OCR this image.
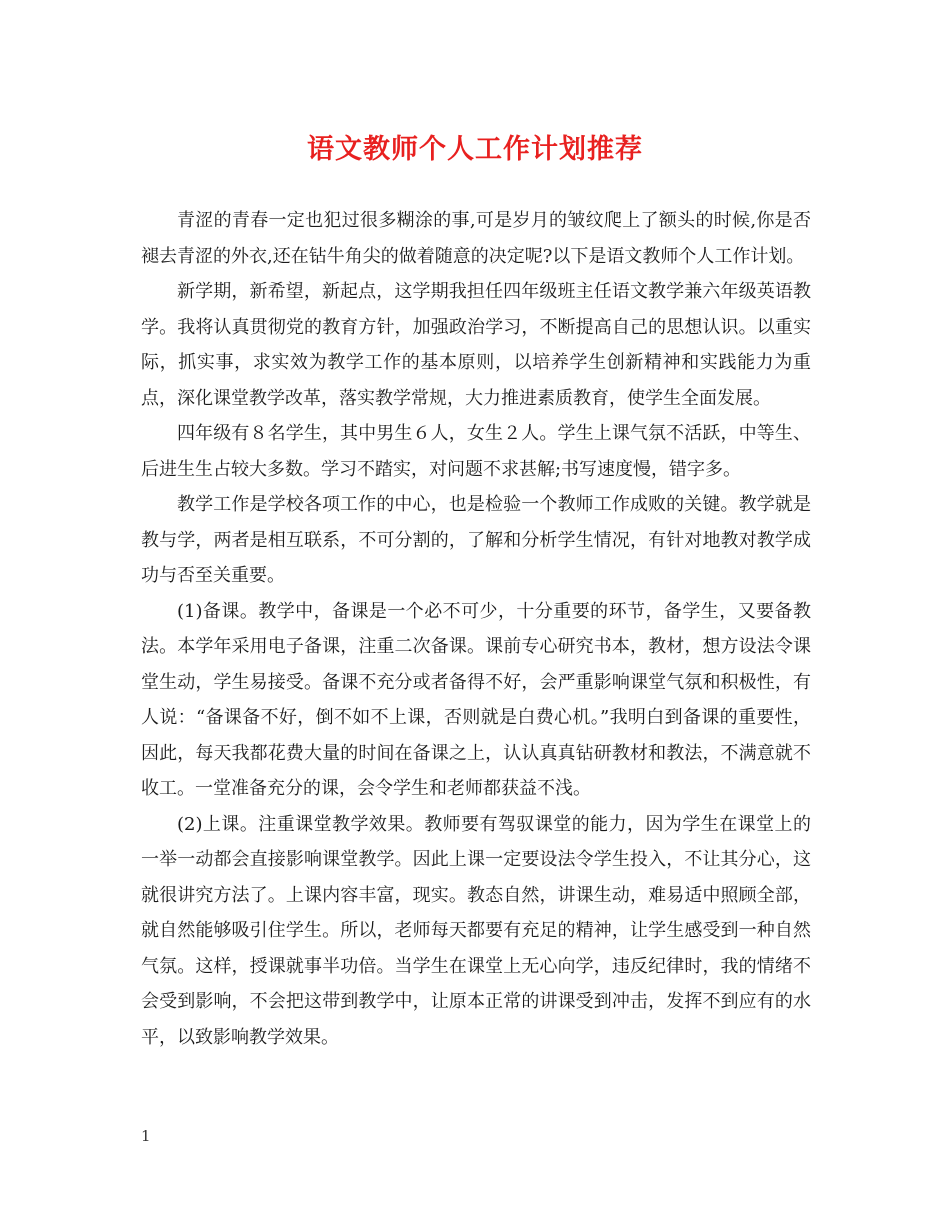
语文教师个人工作计划推荐

青涩的青春一定也犯过很多糊涂的事,可是岁月的皱纹爬上了额头的时候,你是否褪去青涩的外衣,还在钻牛角尖的做着随意的决定呢?以下是语文教师个人工作计划。

新学期，新希望，新起点，这学期我担任四年级班主任语文教学兼六年级英语教学。我将认真贯彻党的教育方针，加强政治学习，不断提高自己的思想认识。以重实际，抓实事，求实效为教学工作的基本原则，以培养学生创新精神和实践能力为重点，深化课堂教学改革，落实教学常规，大力推进素质教育，使学生全面发展。

四年级有８名学生，其中男生６人，女生２人。学生上课气氛不活跃，中等生、后进生生占较大多数。学习不踏实，对问题不求甚解;书写速度慢，错字多。

教学工作是学校各项工作的中心，也是检验一个教师工作成败的关键。教学就是教与学，两者是相互联系，不可分割的，了解和分析学生情况，有针对地教对教学成功与否至关重要。

(1)备课。教学中，备课是一个必不可少，十分重要的环节，备学生，又要备教法。本学年采用电子备课，注重二次备课。课前专心研究书本，教材，想方设法令课堂生动，学生易接受。备课不充分或者备得不好，会严重影响课堂气氛和积极性，有人说：“备课备不好，倒不如不上课，否则就是白费心机。”我明白到备课的重要性，因此，每天我都花费大量的时间在备课之上，认认真真钻研教材和教法，不满意就不收工。一堂准备充分的课，会令学生和老师都获益不浅。

(2)上课。注重课堂教学效果。教师要有驾驭课堂的能力，因为学生在课堂上的一举一动都会直接影响课堂教学。因此上课一定要设法令学生投入，不让其分心，这就很讲究方法了。上课内容丰富，现实。教态自然，讲课生动，难易适中照顾全部，就自然能够吸引住学生。所以，老师每天都要有充足的精神，让学生感受到一种自然气氛。这样，授课就事半功倍。当学生在课堂上无心向学，违反纪律时，我的情绪不会受到影响，不会把这带到教学中，让原本正常的讲课受到冲击，发挥不到应有的水平，以致影响教学效果。

1
